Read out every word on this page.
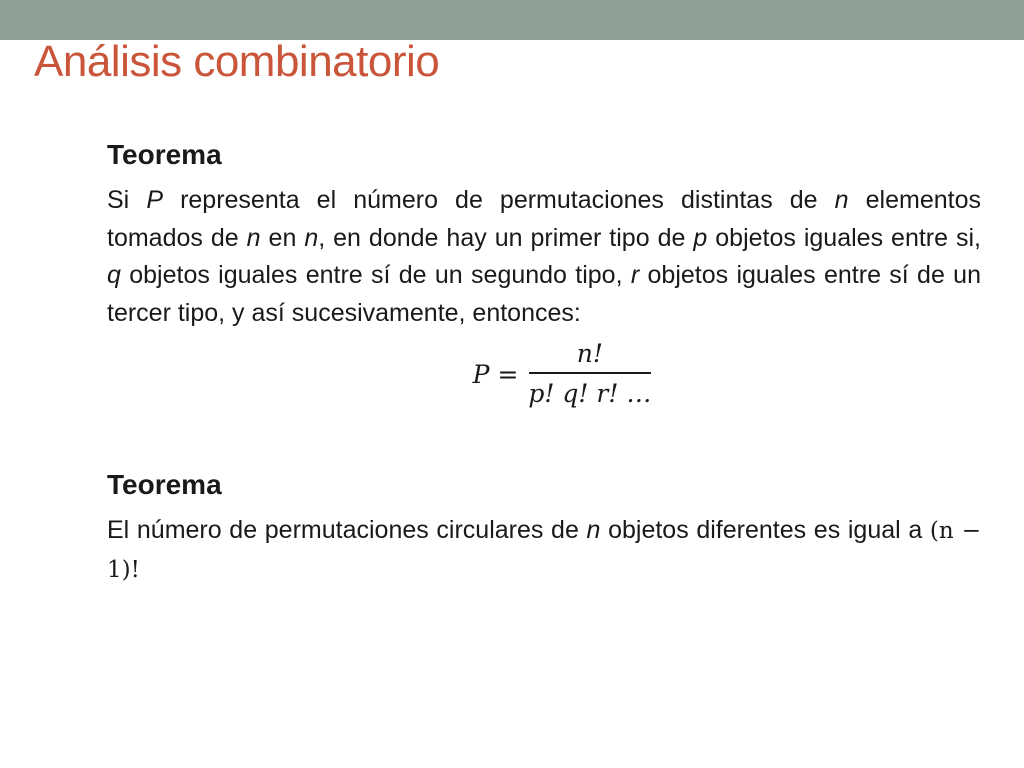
Análisis combinatorio
Teorema

Si P representa el número de permutaciones distintas de n elementos tomados de n en n, en donde hay un primer tipo de p objetos iguales entre si, q objetos iguales entre sí de un segundo tipo, r objetos iguales entre sí de un tercer tipo, y así sucesivamente, entonces:

$P = \frac{n!}{p! q! r! \dots}$
Teorema

El número de permutaciones circulares de n objetos diferentes es igual a (n − 1)!
